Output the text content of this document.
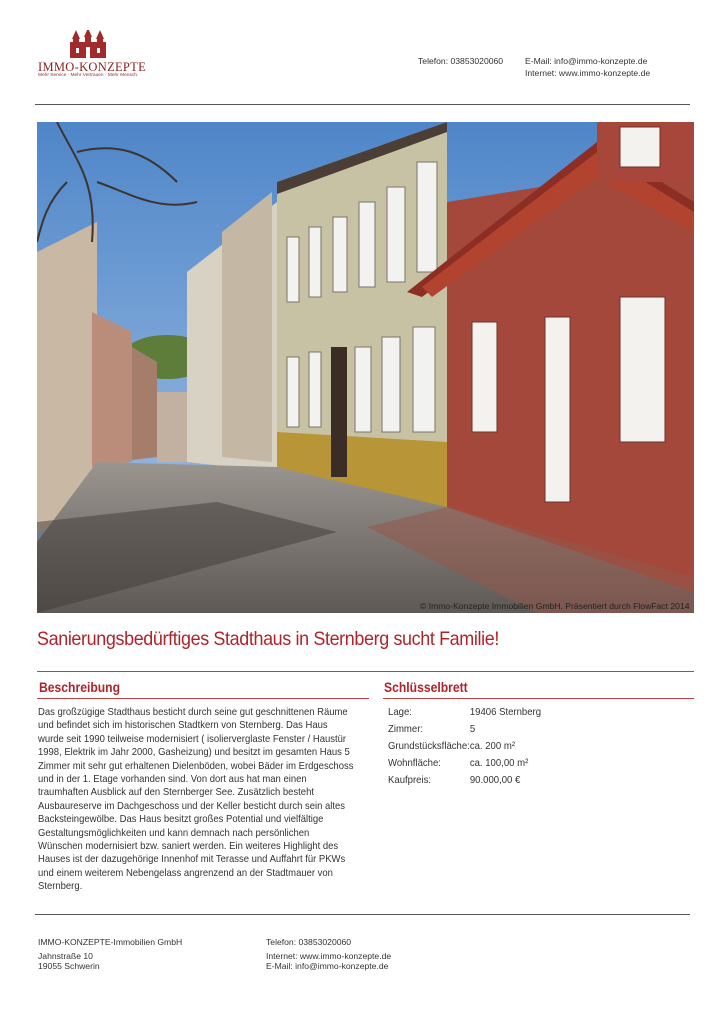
IMMO-KONZEPTE
Mehr Service · Mehr Vertrauen · Mehr Mensch.
Telefon: 03853020060	E-Mail: info@immo-konzepte.de
Internet: www.immo-konzepte.de
© Immo-Konzepte Immobilien GmbH. Präsentiert durch FlowFact 2014
Sanierungsbedürftiges Stadthaus in Sternberg sucht Familie!
Beschreibung
Das großzügige Stadthaus besticht durch seine gut geschnittenen Räume und befindet sich im historischen Stadtkern von Sternberg. Das Haus wurde seit 1990 teilweise modernisiert ( isolierverglaste Fenster / Haustür 1998, Elektrik im Jahr 2000, Gasheizung) und besitzt im gesamten Haus 5 Zimmer mit sehr gut erhaltenen Dielenböden, wobei Bäder im Erdgeschoss und in der 1. Etage vorhanden sind. Von dort aus hat man einen traumhaften Ausblick auf den Sternberger See. Zusätzlich besteht Ausbaureserve im Dachgeschoss und der Keller besticht durch sein altes Backsteingewölbe. Das Haus besitzt großes Potential und vielfältige Gestaltungsmöglichkeiten und kann demnach nach persönlichen Wünschen modernisiert bzw. saniert werden. Ein weiteres Highlight des Hauses ist der dazugehörige Innenhof mit Terasse und Auffahrt für PKWs und einem weiterem Nebengelass angrenzend an der Stadtmauer von Sternberg.
Schlüsselbrett
Lage:	19406 Sternberg
Zimmer:	5
Grundstücksfläche:	ca. 200 m²
Wohnfläche:	ca. 100,00 m²
Kaufpreis:	90.000,00 €
IMMO-KONZEPTE-Immobilien GmbH
Jahnstraße 10
19055 Schwerin
Telefon: 03853020060
Internet: www.immo-konzepte.de
E-Mail: info@immo-konzepte.de
